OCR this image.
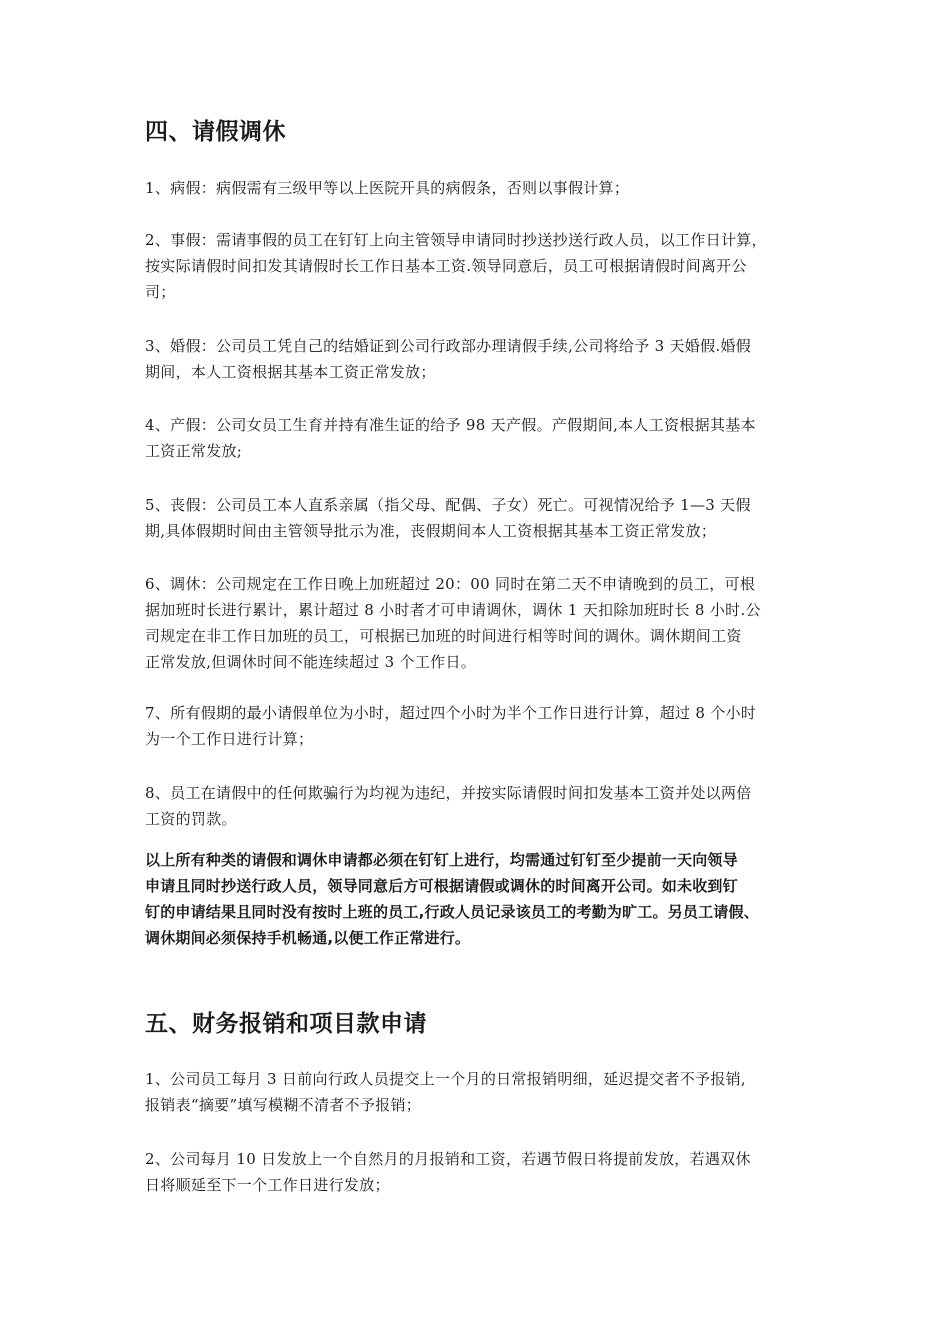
四、请假调休
1、病假：病假需有三级甲等以上医院开具的病假条，否则以事假计算；
2、事假：需请事假的员工在钉钉上向主管领导申请同时抄送抄送行政人员，以工作日计算，
按实际请假时间扣发其请假时长工作日基本工资.领导同意后，员工可根据请假时间离开公
司；
3、婚假：公司员工凭自己的结婚证到公司行政部办理请假手续,公司将给予 3 天婚假.婚假
期间，本人工资根据其基本工资正常发放；
4、产假：公司女员工生育并持有准生证的给予 98 天产假。产假期间,本人工资根据其基本
工资正常发放;
5、丧假：公司员工本人直系亲属（指父母、配偶、子女）死亡。可视情况给予 1—3 天假
期,具体假期时间由主管领导批示为准，丧假期间本人工资根据其基本工资正常发放；
6、调休：公司规定在工作日晚上加班超过 20：00 同时在第二天不申请晚到的员工，可根
据加班时长进行累计，累计超过 8 小时者才可申请调休，调休 1 天扣除加班时长 8 小时.公
司规定在非工作日加班的员工，可根据已加班的时间进行相等时间的调休。调休期间工资
正常发放,但调休时间不能连续超过 3 个工作日。
7、所有假期的最小请假单位为小时，超过四个小时为半个工作日进行计算，超过 8 个小时
为一个工作日进行计算；
8、员工在请假中的任何欺骗行为均视为违纪，并按实际请假时间扣发基本工资并处以两倍
工资的罚款。
以上所有种类的请假和调休申请都必须在钉钉上进行，均需通过钉钉至少提前一天向领导
申请且同时抄送行政人员，领导同意后方可根据请假或调休的时间离开公司。如未收到钉
钉的申请结果且同时没有按时上班的员工,行政人员记录该员工的考勤为旷工。另员工请假、
调休期间必须保持手机畅通,以便工作正常进行。
五、财务报销和项目款申请
1、公司员工每月 3 日前向行政人员提交上一个月的日常报销明细，延迟提交者不予报销,
报销表“摘要”填写模糊不清者不予报销；
2、公司每月 10 日发放上一个自然月的月报销和工资，若遇节假日将提前发放，若遇双休
日将顺延至下一个工作日进行发放；
